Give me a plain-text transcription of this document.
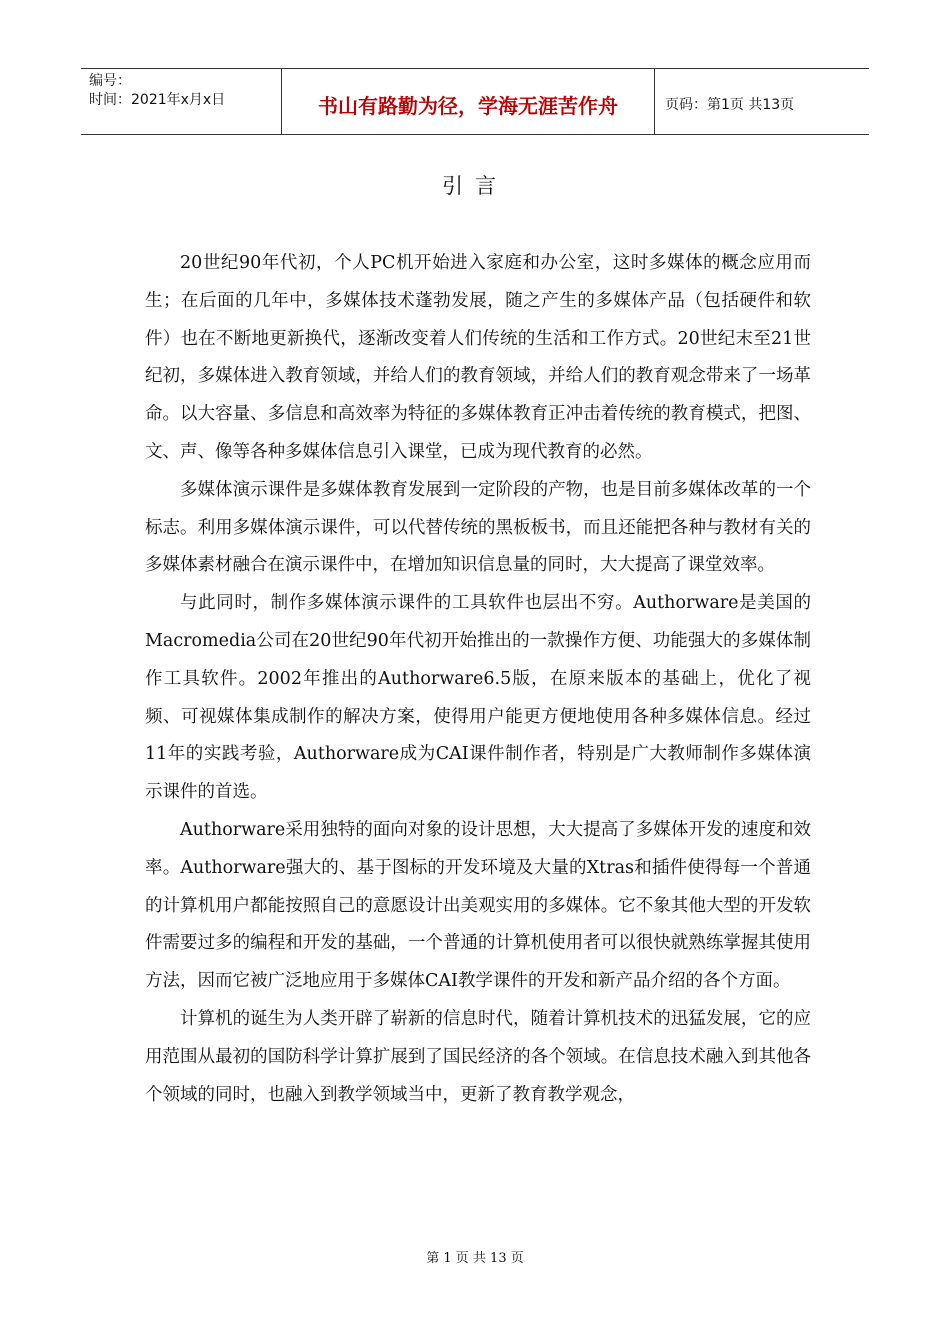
编号：
时间：2021年x月x日	书山有路勤为径，学海无涯苦作舟	页码：第1页 共13页
引言

20世纪90年代初，个人PC机开始进入家庭和办公室，这时多媒体的概念应用而生；在后面的几年中，多媒体技术蓬勃发展，随之产生的多媒体产品（包括硬件和软件）也在不断地更新换代，逐渐改变着人们传统的生活和工作方式。20世纪末至21世纪初，多媒体进入教育领域，并给人们的教育领域，并给人们的教育观念带来了一场革命。以大容量、多信息和高效率为特征的多媒体教育正冲击着传统的教育模式，把图、文、声、像等各种多媒体信息引入课堂，已成为现代教育的必然。

多媒体演示课件是多媒体教育发展到一定阶段的产物，也是目前多媒体改革的一个标志。利用多媒体演示课件，可以代替传统的黑板板书，而且还能把各种与教材有关的多媒体素材融合在演示课件中，在增加知识信息量的同时，大大提高了课堂效率。

与此同时，制作多媒体演示课件的工具软件也层出不穷。Authorware是美国的Macromedia公司在20世纪90年代初开始推出的一款操作方便、功能强大的多媒体制作工具软件。2002年推出的Authorware6.5版，在原来版本的基础上，优化了视频、可视媒体集成制作的解决方案，使得用户能更方便地使用各种多媒体信息。经过11年的实践考验，Authorware成为CAI课件制作者，特别是广大教师制作多媒体演示课件的首选。

Authorware采用独特的面向对象的设计思想，大大提高了多媒体开发的速度和效率。Authorware强大的、基于图标的开发环境及大量的Xtras和插件使得每一个普通的计算机用户都能按照自己的意愿设计出美观实用的多媒体。它不象其他大型的开发软件需要过多的编程和开发的基础，一个普通的计算机使用者可以很快就熟练掌握其使用方法，因而它被广泛地应用于多媒体CAI教学课件的开发和新产品介绍的各个方面。

计算机的诞生为人类开辟了崭新的信息时代，随着计算机技术的迅猛发展，它的应用范围从最初的国防科学计算扩展到了国民经济的各个领域。在信息技术融入到其他各个领域的同时，也融入到教学领域当中，更新了教育教学观念，

第 1 页 共 13 页
